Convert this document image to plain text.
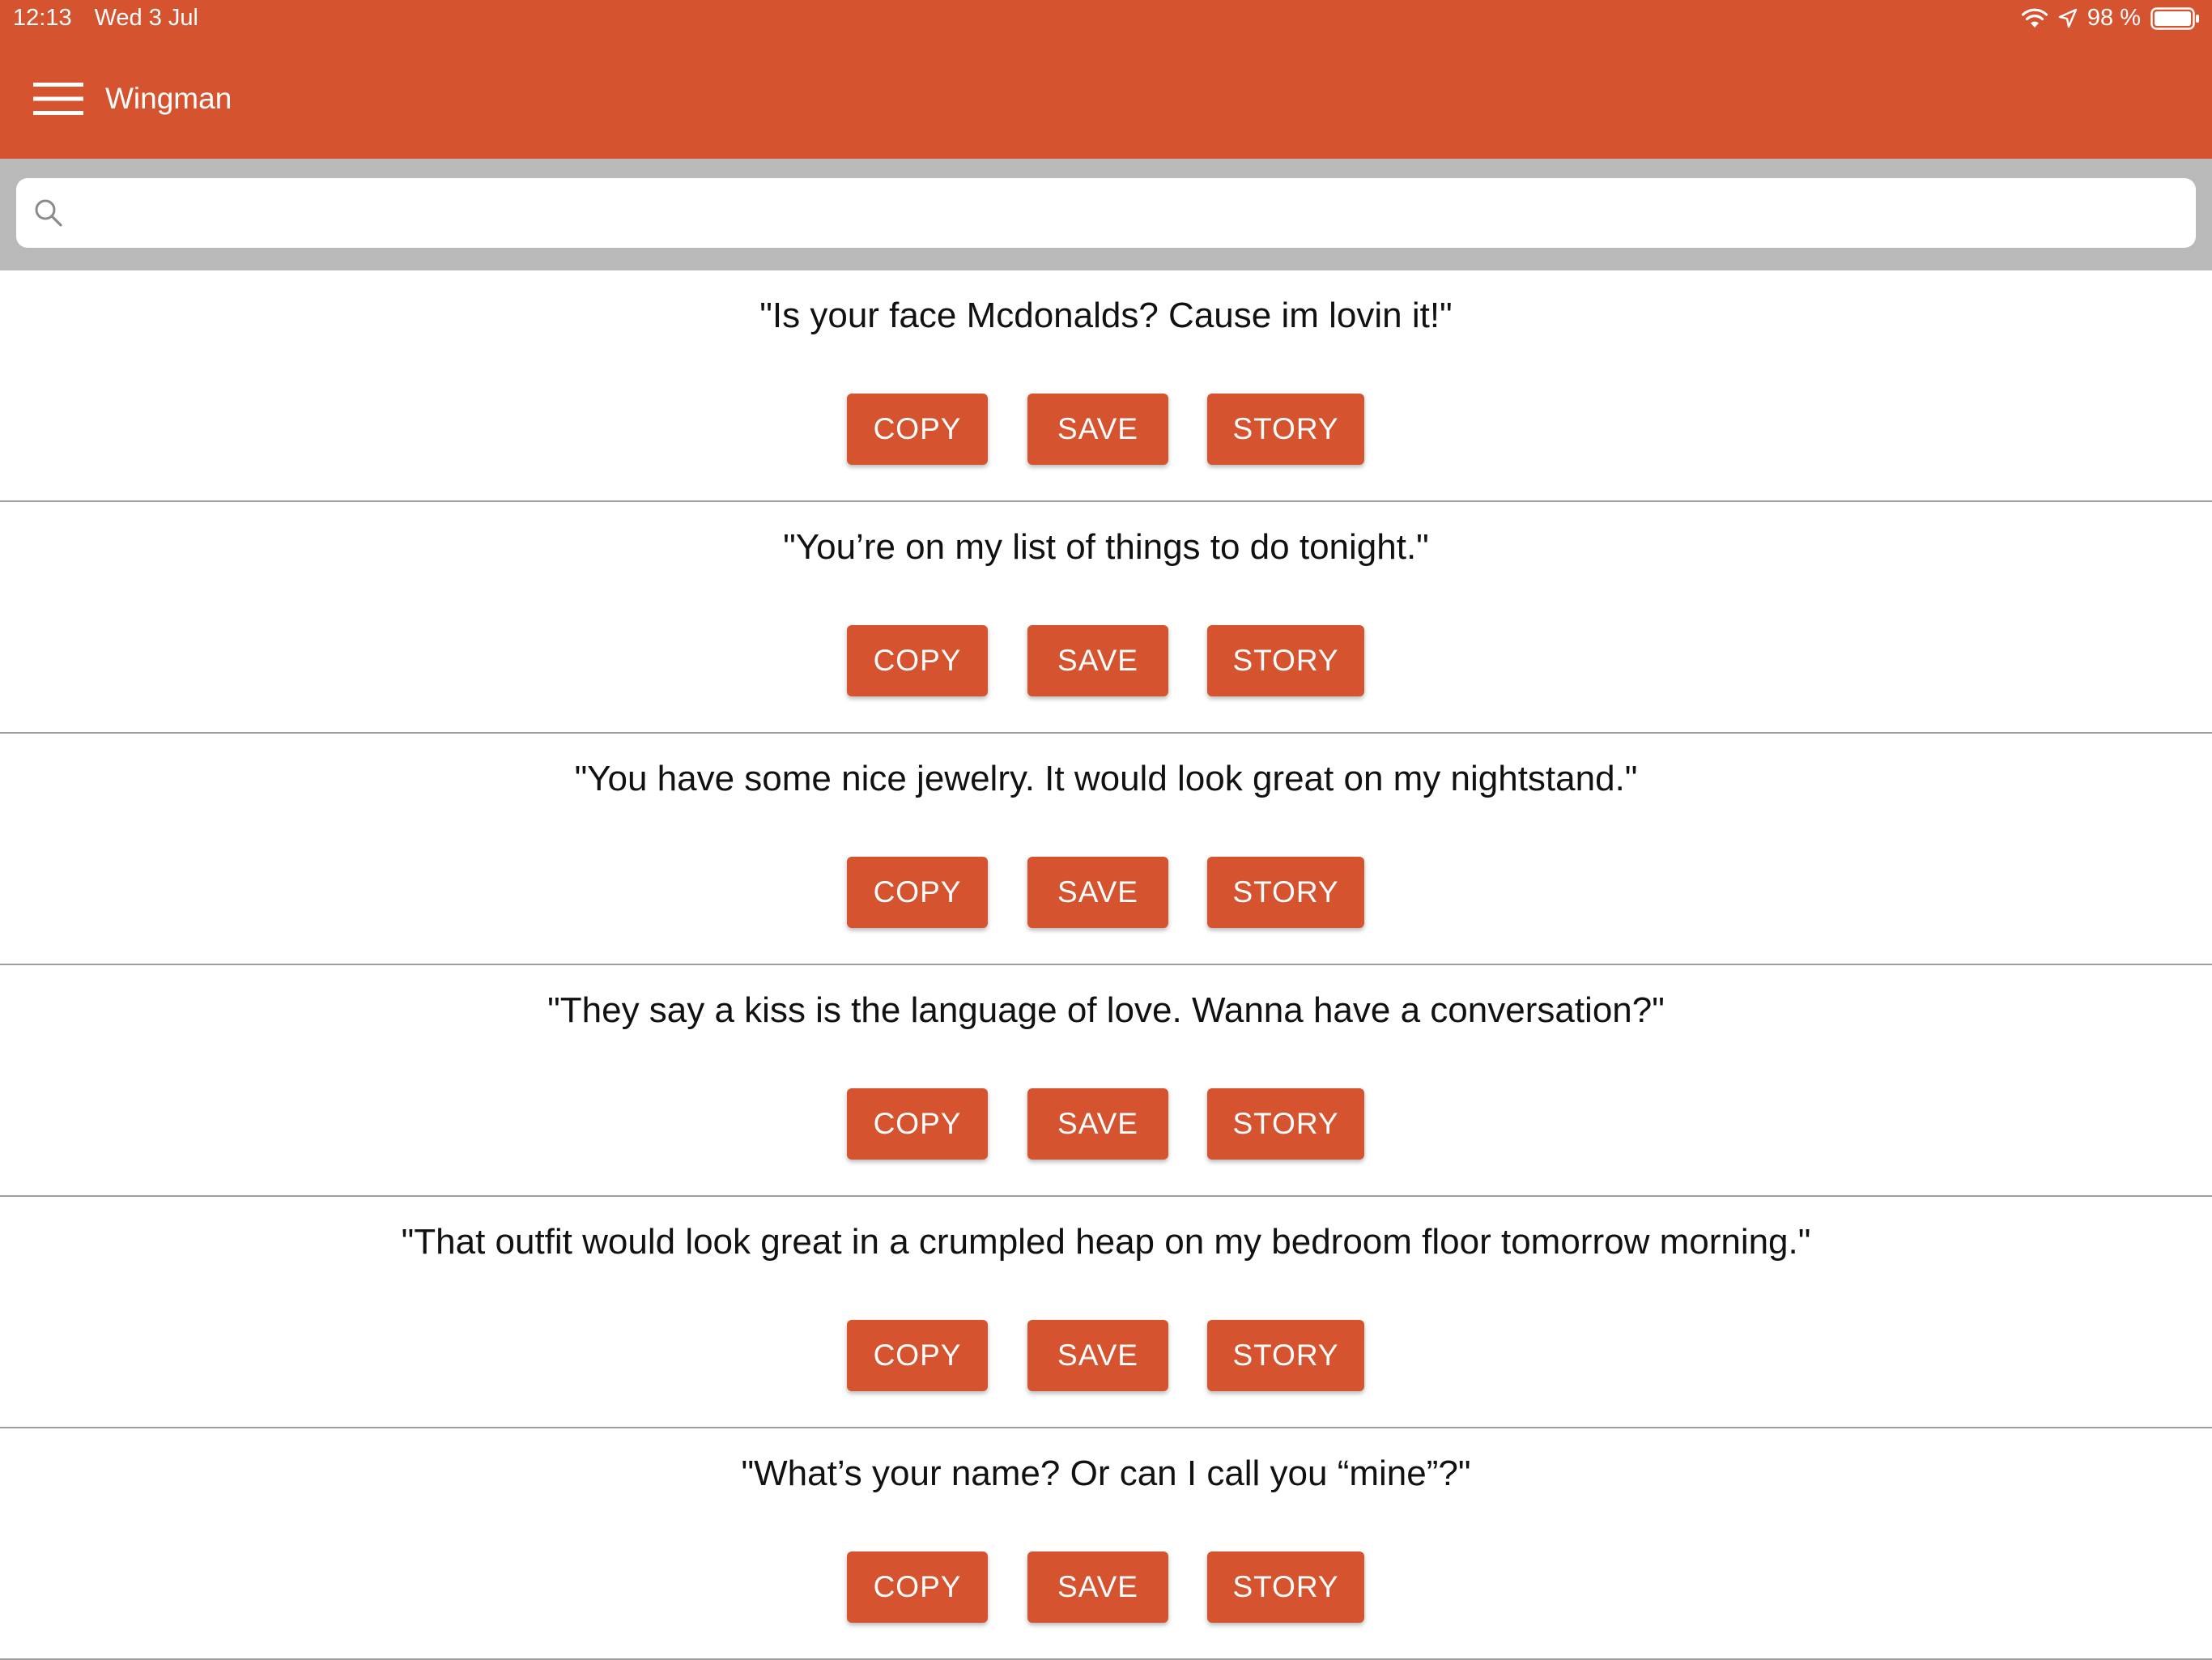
12:13 Wed 3 Jul	98 %
Wingman
"Is your face Mcdonalds? Cause im lovin it!"
COPY	SAVE	STORY
"You’re on my list of things to do tonight."
COPY	SAVE	STORY
"You have some nice jewelry. It would look great on my nightstand."
COPY	SAVE	STORY
"They say a kiss is the language of love. Wanna have a conversation?"
COPY	SAVE	STORY
"That outfit would look great in a crumpled heap on my bedroom floor tomorrow morning."
COPY	SAVE	STORY
"What’s your name? Or can I call you “mine”?"
COPY	SAVE	STORY
